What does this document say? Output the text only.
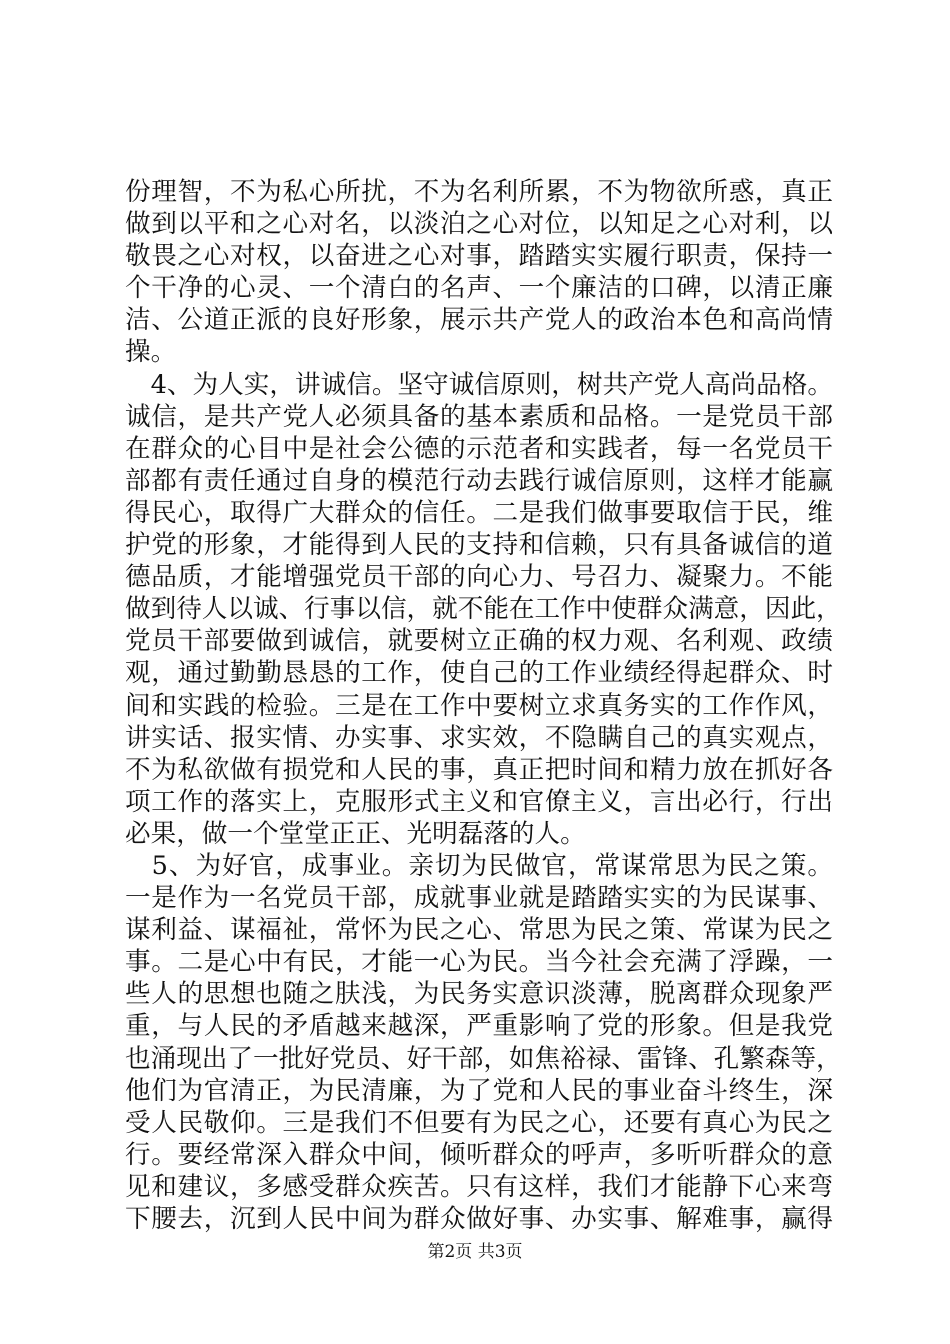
份理智，不为私心所扰，不为名利所累，不为物欲所惑，真正
做到以平和之心对名，以淡泊之心对位，以知足之心对利，以
敬畏之心对权，以奋进之心对事，踏踏实实履行职责，保持一
个干净的心灵、一个清白的名声、一个廉洁的口碑，以清正廉
洁、公道正派的良好形象，展示共产党人的政治本色和高尚情
操。
　4、为人实，讲诚信。坚守诚信原则，树共产党人高尚品格。
诚信，是共产党人必须具备的基本素质和品格。一是党员干部
在群众的心目中是社会公德的示范者和实践者，每一名党员干
部都有责任通过自身的模范行动去践行诚信原则，这样才能赢
得民心，取得广大群众的信任。二是我们做事要取信于民，维
护党的形象，才能得到人民的支持和信赖，只有具备诚信的道
德品质，才能增强党员干部的向心力、号召力、凝聚力。不能
做到待人以诚、行事以信，就不能在工作中使群众满意，因此，
党员干部要做到诚信，就要树立正确的权力观、名利观、政绩
观，通过勤勤恳恳的工作，使自己的工作业绩经得起群众、时
间和实践的检验。三是在工作中要树立求真务实的工作作风，
讲实话、报实情、办实事、求实效，不隐瞒自己的真实观点，
不为私欲做有损党和人民的事，真正把时间和精力放在抓好各
项工作的落实上，克服形式主义和官僚主义，言出必行，行出
必果，做一个堂堂正正、光明磊落的人。
　5、为好官，成事业。亲切为民做官，常谋常思为民之策。
一是作为一名党员干部，成就事业就是踏踏实实的为民谋事、
谋利益、谋福祉，常怀为民之心、常思为民之策、常谋为民之
事。二是心中有民，才能一心为民。当今社会充满了浮躁，一
些人的思想也随之肤浅，为民务实意识淡薄，脱离群众现象严
重，与人民的矛盾越来越深，严重影响了党的形象。但是我党
也涌现出了一批好党员、好干部，如焦裕禄、雷锋、孔繁森等，
他们为官清正，为民清廉，为了党和人民的事业奋斗终生，深
受人民敬仰。三是我们不但要有为民之心，还要有真心为民之
行。要经常深入群众中间，倾听群众的呼声，多听听群众的意
见和建议，多感受群众疾苦。只有这样，我们才能静下心来弯
下腰去，沉到人民中间为群众做好事、办实事、解难事，赢得
第2页 共3页
